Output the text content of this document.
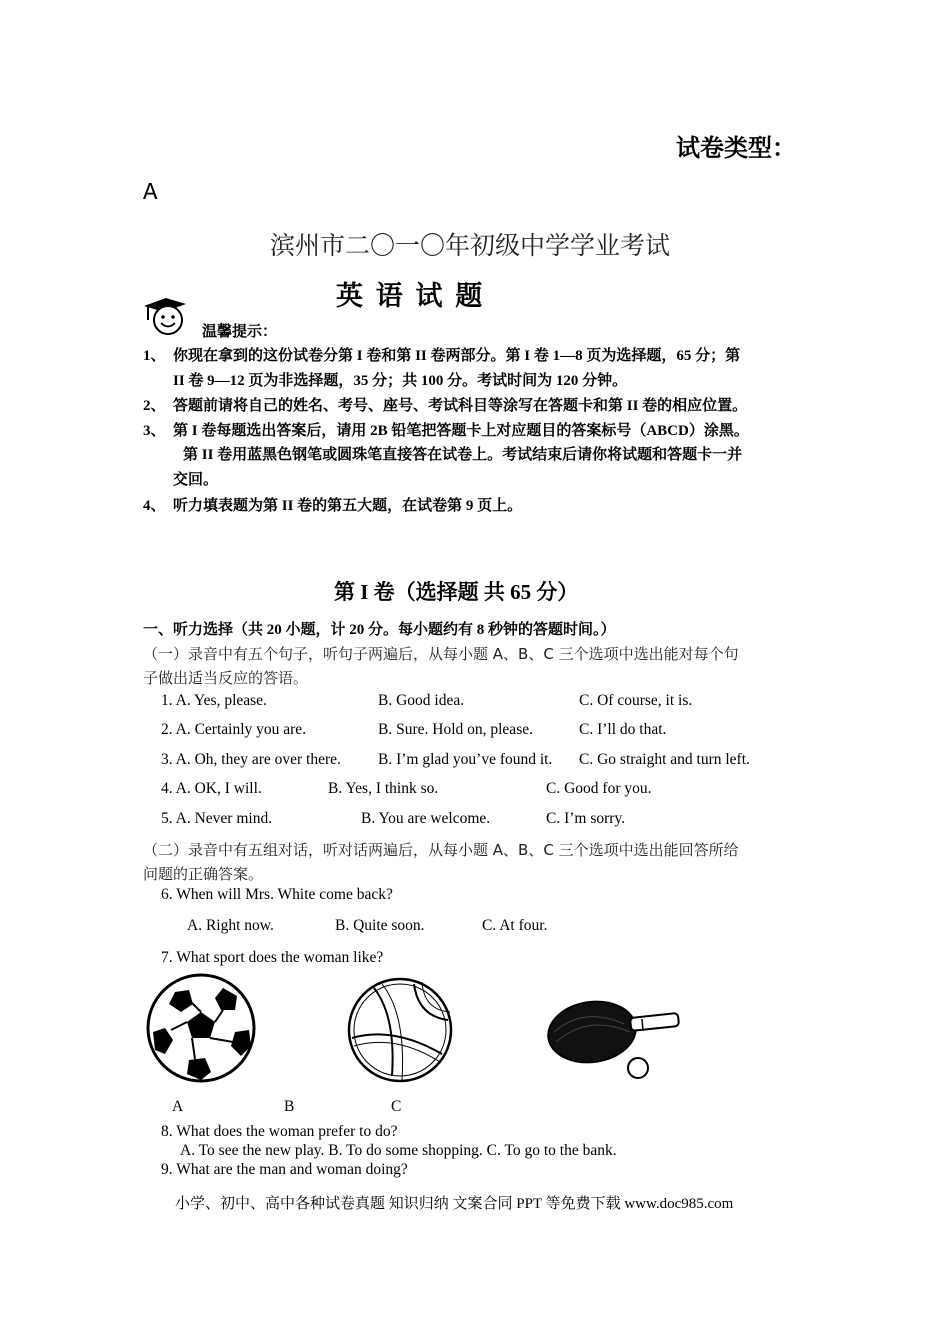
试卷类型：
A
滨州市二〇一〇年初级中学学业考试
英 语 试 题
温馨提示：
1、 你现在拿到的这份试卷分第 I 卷和第 II 卷两部分。第 I 卷 1—8 页为选择题，65 分；第
II 卷 9—12 页为非选择题，35 分；共 100 分。考试时间为 120 分钟。
2、 答题前请将自己的姓名、考号、座号、考试科目等涂写在答题卡和第 II 卷的相应位置。
3、 第 I 卷每题选出答案后，请用 2B 铅笔把答题卡上对应题目的答案标号（ABCD）涂黑。
第 II 卷用蓝黑色钢笔或圆珠笔直接答在试卷上。考试结束后请你将试题和答题卡一并
交回。
4、 听力填表题为第 II 卷的第五大题，在试卷第 9 页上。
第 I 卷（选择题 共 65 分）
一、听力选择（共 20 小题，计 20 分。每小题约有 8 秒钟的答题时间。）
（一）录音中有五个句子，听句子两遍后，从每小题 A、B、C 三个选项中选出能对每个句
子做出适当反应的答语。
1. A. Yes, please.	B. Good idea.	C. Of course, it is.
2. A. Certainly you are.	B. Sure. Hold on, please.	C. I’ll do that.
3. A. Oh, they are over there. B. I’m glad you’ve found it. C. Go straight and turn left.
4. A. OK, I will.	B. Yes, I think so.	C. Good for you.
5. A. Never mind.	B. You are welcome.	C. I’m sorry.
（二）录音中有五组对话，听对话两遍后，从每小题 A、B、C 三个选项中选出能回答所给
问题的正确答案。
6. When will Mrs. White come back?
A. Right now.	B. Quite soon.	C. At four.
7. What sport does the woman like?
A	B	C
8. What does the woman prefer to do?
A. To see the new play. B. To do some shopping. C. To go to the bank.
9. What are the man and woman doing?
小学、初中、高中各种试卷真题 知识归纳 文案合同 PPT 等免费下载 www.doc985.com
